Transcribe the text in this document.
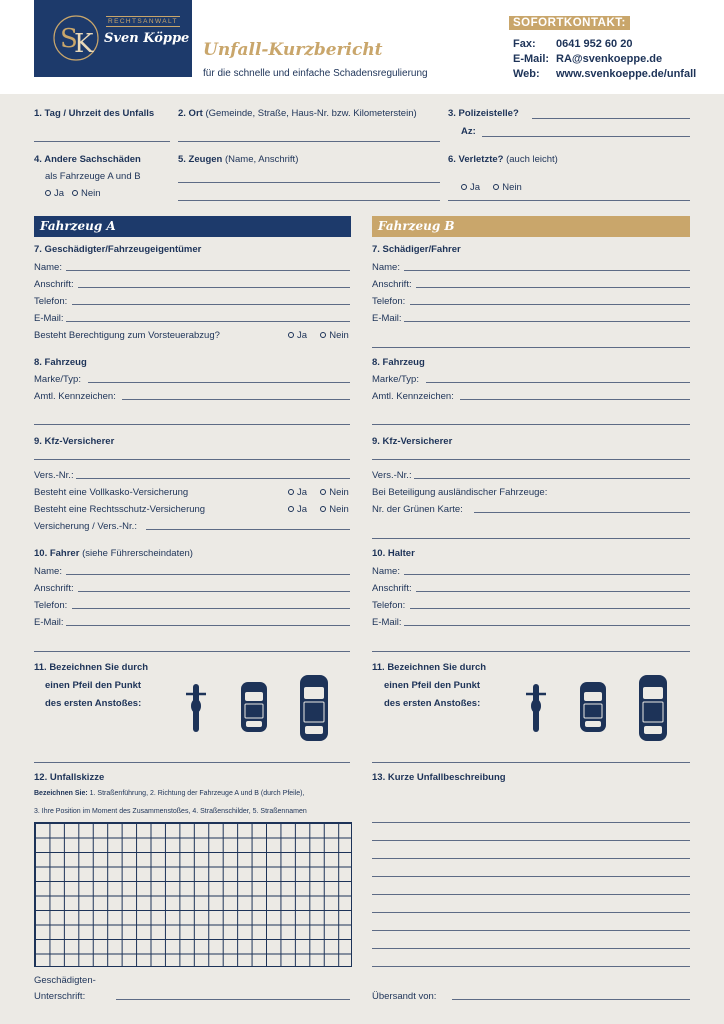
S
K
RECHTSANWALT
Sven Köppe
Unfall-Kurzbericht
für die schnelle und einfache Schadensregulierung
SOFORTKONTAKT:
Fax: 0641 952 60 20
E-Mail: RA@svenkoeppe.de
Web: www.svenkoeppe.de/unfall
1. Tag / Uhrzeit des Unfalls	2. Ort (Gemeinde, Straße, Haus-Nr. bzw. Kilometerstein)	3. Polizeistelle?
Az:
4. Andere Sachschäden
als Fahrzeuge A und B
Ja Nein
5. Zeugen (Name, Anschrift)	6. Verletzte? (auch leicht)
Ja Nein
Fahrzeug A	Fahrzeug B
7. Geschädigter/Fahrzeugeigentümer
Name:
Anschrift:
Telefon:
E-Mail:
Besteht Berechtigung zum Vorsteuerabzug?	Ja Nein
8. Fahrzeug
Marke/Typ:
Amtl. Kennzeichen:
9. Kfz-Versicherer
Vers.-Nr.:
Besteht eine Vollkasko-Versicherung	Ja Nein
Besteht eine Rechtsschutz-Versicherung	Ja Nein
Versicherung / Vers.-Nr.:
10. Fahrer (siehe Führerscheindaten)
Name:
Anschrift:
Telefon:
E-Mail:
11. Bezeichnen Sie durch
einen Pfeil den Punkt
des ersten Anstoßes:
7. Schädiger/Fahrer
Name:
Anschrift:
Telefon:
E-Mail:
8. Fahrzeug
Marke/Typ:
Amtl. Kennzeichen:
9. Kfz-Versicherer
Vers.-Nr.:
Bei Beteiligung ausländischer Fahrzeuge:
Nr. der Grünen Karte:
10. Halter
Name:
Anschrift:
Telefon:
E-Mail:
11. Bezeichnen Sie durch
einen Pfeil den Punkt
des ersten Anstoßes:
12. Unfallskizze
Bezeichnen Sie: 1. Straßenführung, 2. Richtung der Fahrzeuge A und B (durch Pfeile),
3. Ihre Position im Moment des Zusammenstoßes, 4. Straßenschilder, 5. Straßennamen
Geschädigten-
Unterschrift:
13. Kurze Unfallbeschreibung
Übersandt von:
